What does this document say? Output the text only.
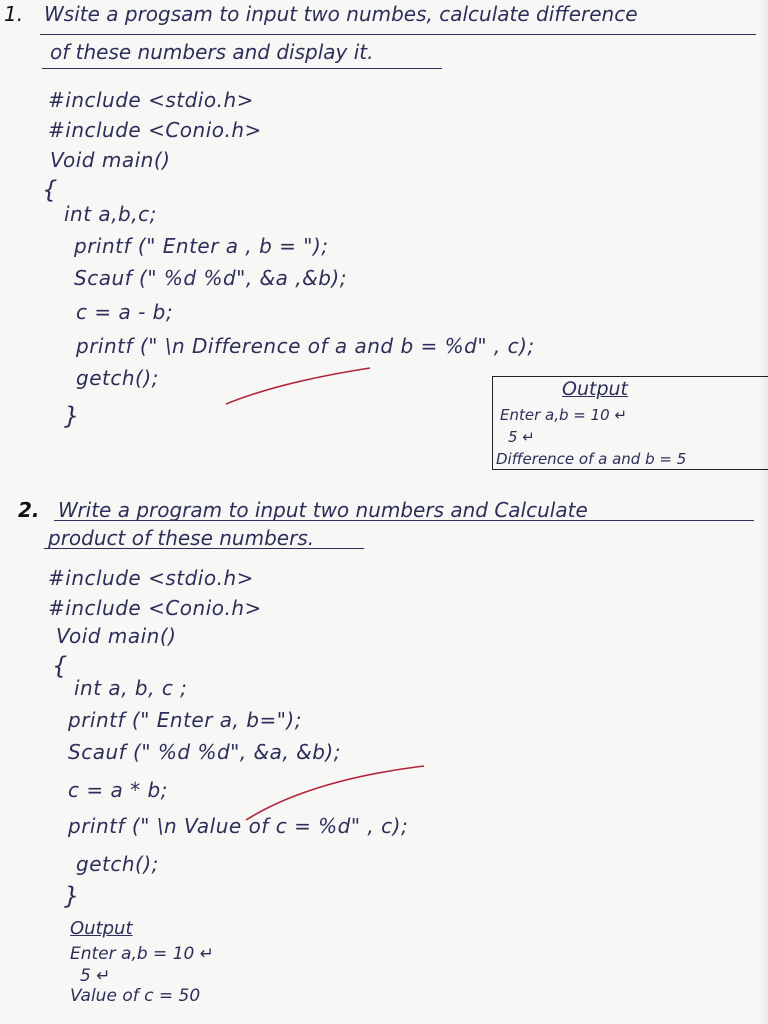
1. Wsite a progsam to input two numbes, calculate difference
of these numbers and display it.
#include <stdio.h>
#include <Conio.h>
Void main()
{
int a,b,c;
printf (" Enter a , b = ");
Scauf (" %d %d", &a ,&b);
c = a - b;
printf (" \n Difference of a and b = %d" , c);
getch();
}
Output
Enter a,b = 10 ↵
5 ↵
Difference of a and b = 5
2. Write a program to input two numbers and Calculate
product of these numbers.
#include <stdio.h>
#include <Conio.h>
Void main()
{
int a, b, c ;
printf (" Enter a, b=");
Scauf (" %d %d", &a, &b);
c = a * b;
printf (" \n Value of c = %d" , c);
getch();
}
Output
Enter a,b = 10 ↵
5 ↵
Value of c = 50
